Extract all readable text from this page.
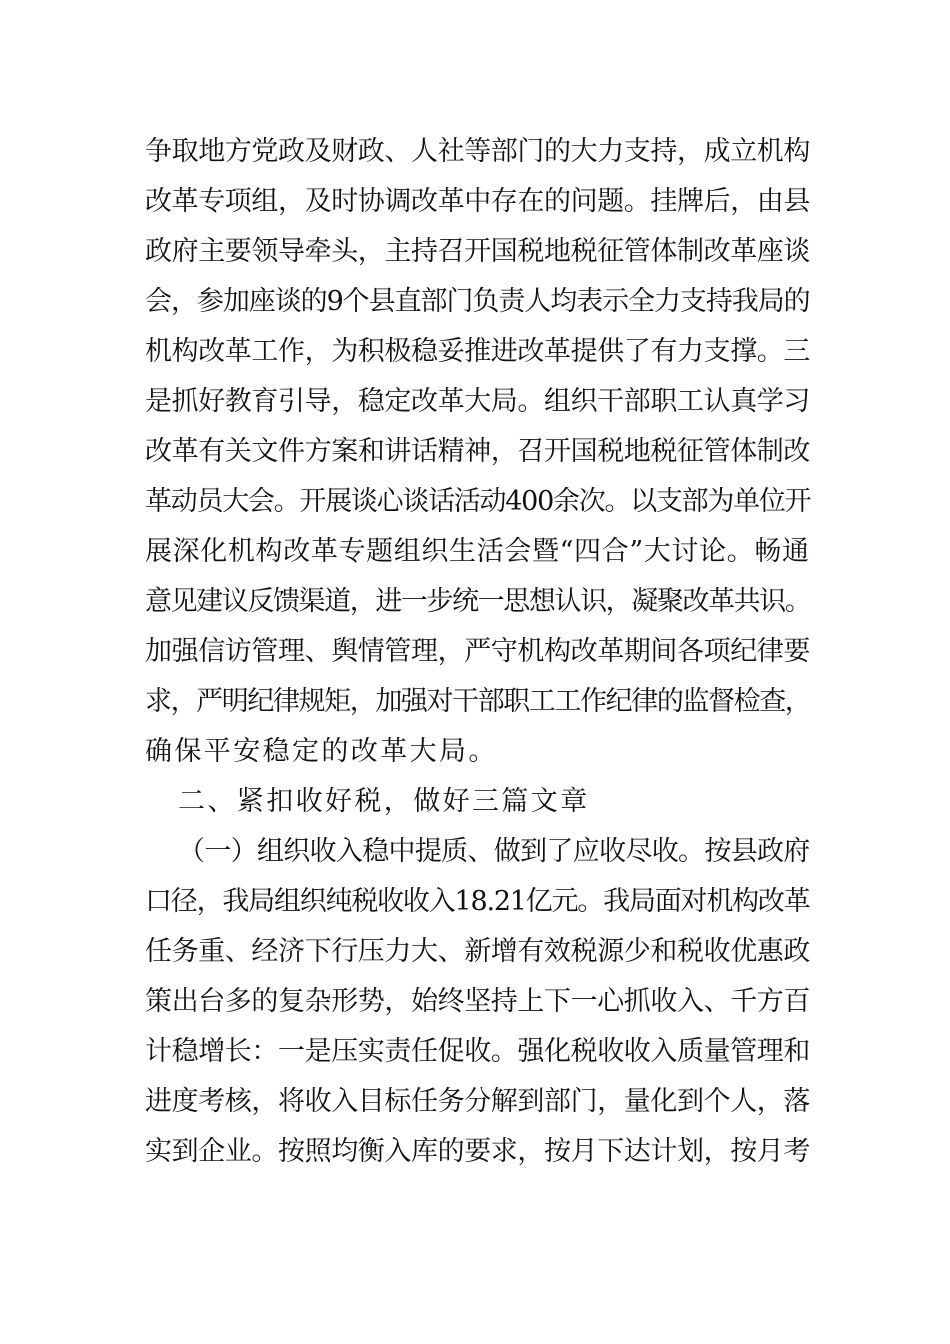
争取地方党政及财政、人社等部门的大力支持，成立机构
改革专项组，及时协调改革中存在的问题。挂牌后，由县
政府主要领导牵头，主持召开国税地税征管体制改革座谈
会，参加座谈的9个县直部门负责人均表示全力支持我局的
机构改革工作，为积极稳妥推进改革提供了有力支撑。三
是抓好教育引导，稳定改革大局。组织干部职工认真学习
改革有关文件方案和讲话精神，召开国税地税征管体制改
革动员大会。开展谈心谈话活动400余次。以支部为单位开
展深化机构改革专题组织生活会暨“四合”大讨论。畅通
意见建议反馈渠道，进一步统一思想认识，凝聚改革共识。
加强信访管理、舆情管理，严守机构改革期间各项纪律要
求，严明纪律规矩，加强对干部职工工作纪律的监督检查，
确保平安稳定的改革大局。
二、紧扣收好税，做好三篇文章
（一）组织收入稳中提质、做到了应收尽收。按县政府
口径，我局组织纯税收收入18.21亿元。我局面对机构改革
任务重、经济下行压力大、新增有效税源少和税收优惠政
策出台多的复杂形势，始终坚持上下一心抓收入、千方百
计稳增长：一是压实责任促收。强化税收收入质量管理和
进度考核，将收入目标任务分解到部门，量化到个人，落
实到企业。按照均衡入库的要求，按月下达计划，按月考
